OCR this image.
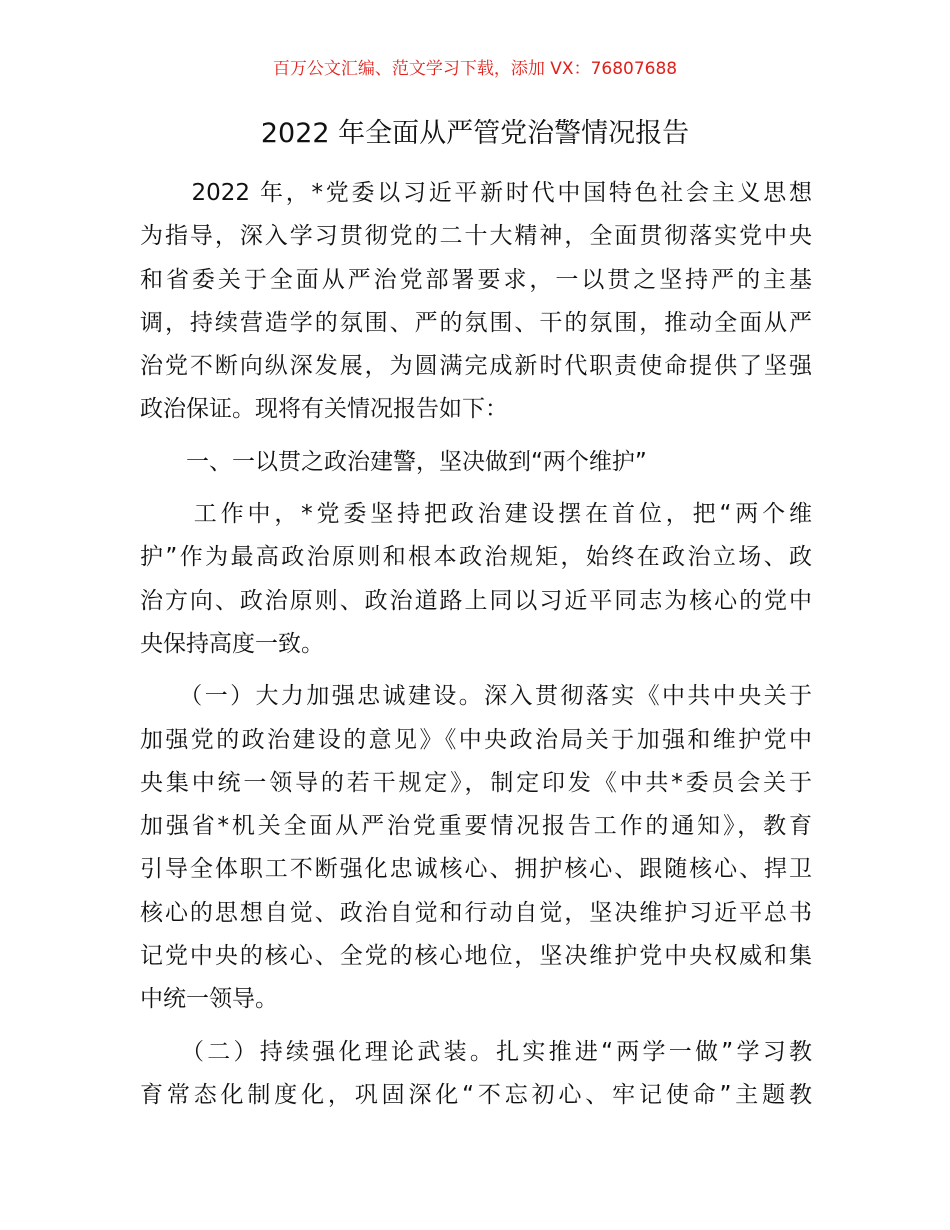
百万公文汇编、范文学习下载，添加 VX：76807688
2022 年全面从严管党治警情况报告
　　2022 年，*党委以习近平新时代中国特色社会主义思想
为指导，深入学习贯彻党的二十大精神，全面贯彻落实党中央
和省委关于全面从严治党部署要求，一以贯之坚持严的主基
调，持续营造学的氛围、严的氛围、干的氛围，推动全面从严
治党不断向纵深发展，为圆满完成新时代职责使命提供了坚强
政治保证。现将有关情况报告如下：
　　一、一以贯之政治建警，坚决做到“两个维护”
　　工作中，*党委坚持把政治建设摆在首位，把“两个维
护”作为最高政治原则和根本政治规矩，始终在政治立场、政
治方向、政治原则、政治道路上同以习近平同志为核心的党中
央保持高度一致。
　　（一）大力加强忠诚建设。深入贯彻落实《中共中央关于
加强党的政治建设的意见》《中央政治局关于加强和维护党中
央集中统一领导的若干规定》，制定印发《中共*委员会关于
加强省*机关全面从严治党重要情况报告工作的通知》，教育
引导全体职工不断强化忠诚核心、拥护核心、跟随核心、捍卫
核心的思想自觉、政治自觉和行动自觉，坚决维护习近平总书
记党中央的核心、全党的核心地位，坚决维护党中央权威和集
中统一领导。
　　（二）持续强化理论武装。扎实推进“两学一做”学习教
育常态化制度化，巩固深化“不忘初心、牢记使命”主题教
